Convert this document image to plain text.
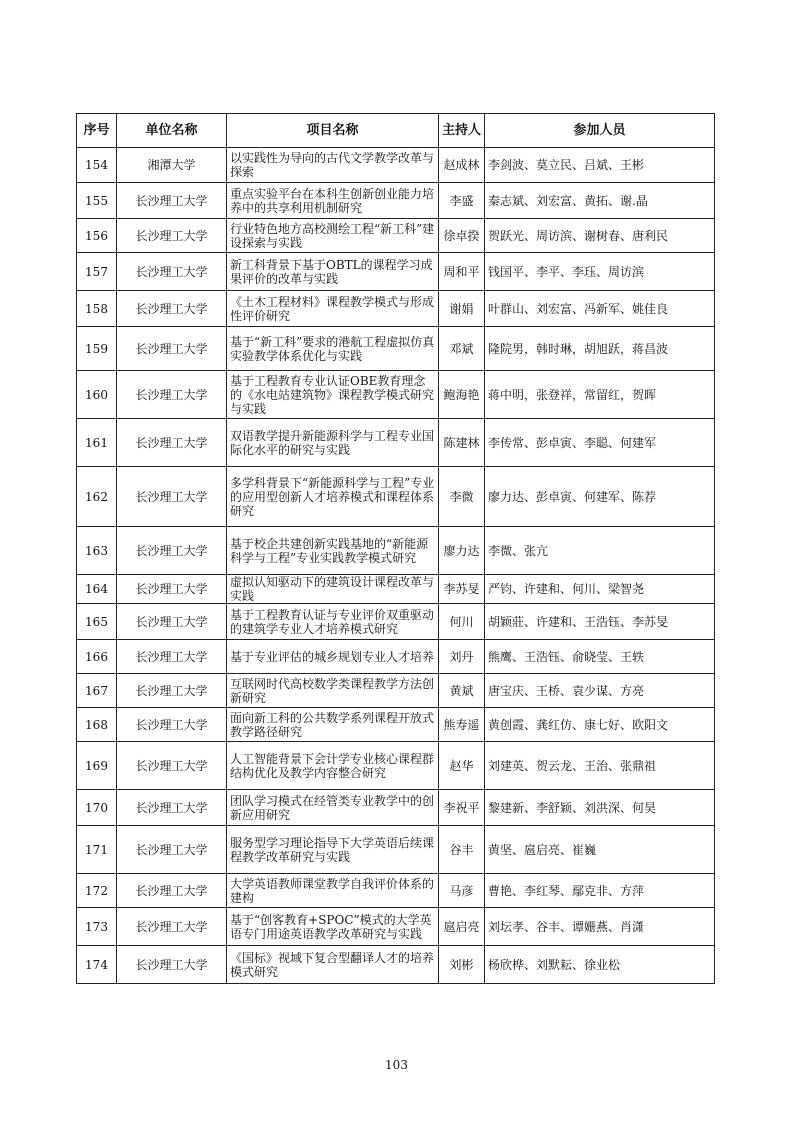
序号	单位名称	项目名称	主持人	参加人员
154	湘潭大学	以实践性为导向的古代文学教学改革与探索	赵成林	李剑波、莫立民、吕斌、王彬
155	长沙理工大学	重点实验平台在本科生创新创业能力培养中的共享利用机制研究	李盛	秦志斌、刘宏富、黄拓、谢.晶
156	长沙理工大学	行业特色地方高校测绘工程“新工科”建设探索与实践	徐卓揆	贺跃光、周访滨、谢树春、唐利民
157	长沙理工大学	新工科背景下基于OBTL的课程学习成果评价的改革与实践	周和平	钱国平、李平、李珏、周访滨
158	长沙理工大学	《土木工程材料》课程教学模式与形成性评价研究	谢娟	叶群山、刘宏富、冯新军、姚佳良
159	长沙理工大学	基于“新工科”要求的港航工程虚拟仿真实验教学体系优化与实践	邓斌	隆院男，韩时琳，胡旭跃，蒋昌波
160	长沙理工大学	基于工程教育专业认证OBE教育理念的《水电站建筑物》课程教学模式研究与实践	鲍海艳	蒋中明，张登祥，常留红，贺晖
161	长沙理工大学	双语教学提升新能源科学与工程专业国际化水平的研究与实践	陈建林	李传常、彭卓寅、李聪、何建军
162	长沙理工大学	多学科背景下“新能源科学与工程”专业的应用型创新人才培养模式和课程体系研究	李微	廖力达、彭卓寅、何建军、陈荐
163	长沙理工大学	基于校企共建创新实践基地的“新能源科学与工程”专业实践教学模式研究	廖力达	李微、张亢
164	长沙理工大学	虚拟认知驱动下的建筑设计课程改革与实践	李苏旻	严钧、许建和、何川、梁智尧
165	长沙理工大学	基于工程教育认证与专业评价双重驱动的建筑学专业人才培养模式研究	何川	胡颖莊、许建和、王浩钰、李苏旻
166	长沙理工大学	基于专业评估的城乡规划专业人才培养	刘丹	熊鹰、王浩钰、俞晓莹、王轶
167	长沙理工大学	互联网时代高校数学类课程教学方法创新研究	黄斌	唐宝庆、王桥、袁少谋、方亮
168	长沙理工大学	面向新工科的公共数学系列课程开放式教学路径研究	熊寿遥	黄创霞、龚红仿、康七好、欧阳文
169	长沙理工大学	人工智能背景下会计学专业核心课程群结构优化及教学内容整合研究	赵华	刘建英、贺云龙、王治、张鼎祖
170	长沙理工大学	团队学习模式在经管类专业教学中的创新应用研究	李祝平	黎建新、李舒颖、刘洪深、何昊
171	长沙理工大学	服务型学习理论指导下大学英语后续课程教学改革研究与实践	谷丰	黄坚、扈启亮、崔巍
172	长沙理工大学	大学英语教师课堂教学自我评价体系的建构	马彦	曹艳、李红琴、鄢克非、方萍
173	长沙理工大学	基于“创客教育+SPOC”模式的大学英语专门用途英语教学改革研究与实践	扈启亮	刘坛孝、谷丰、谭姗燕、肖潇
174	长沙理工大学	《国标》视域下复合型翻译人才的培养模式研究	刘彬	杨欣桦、刘默耘、徐业松
103
